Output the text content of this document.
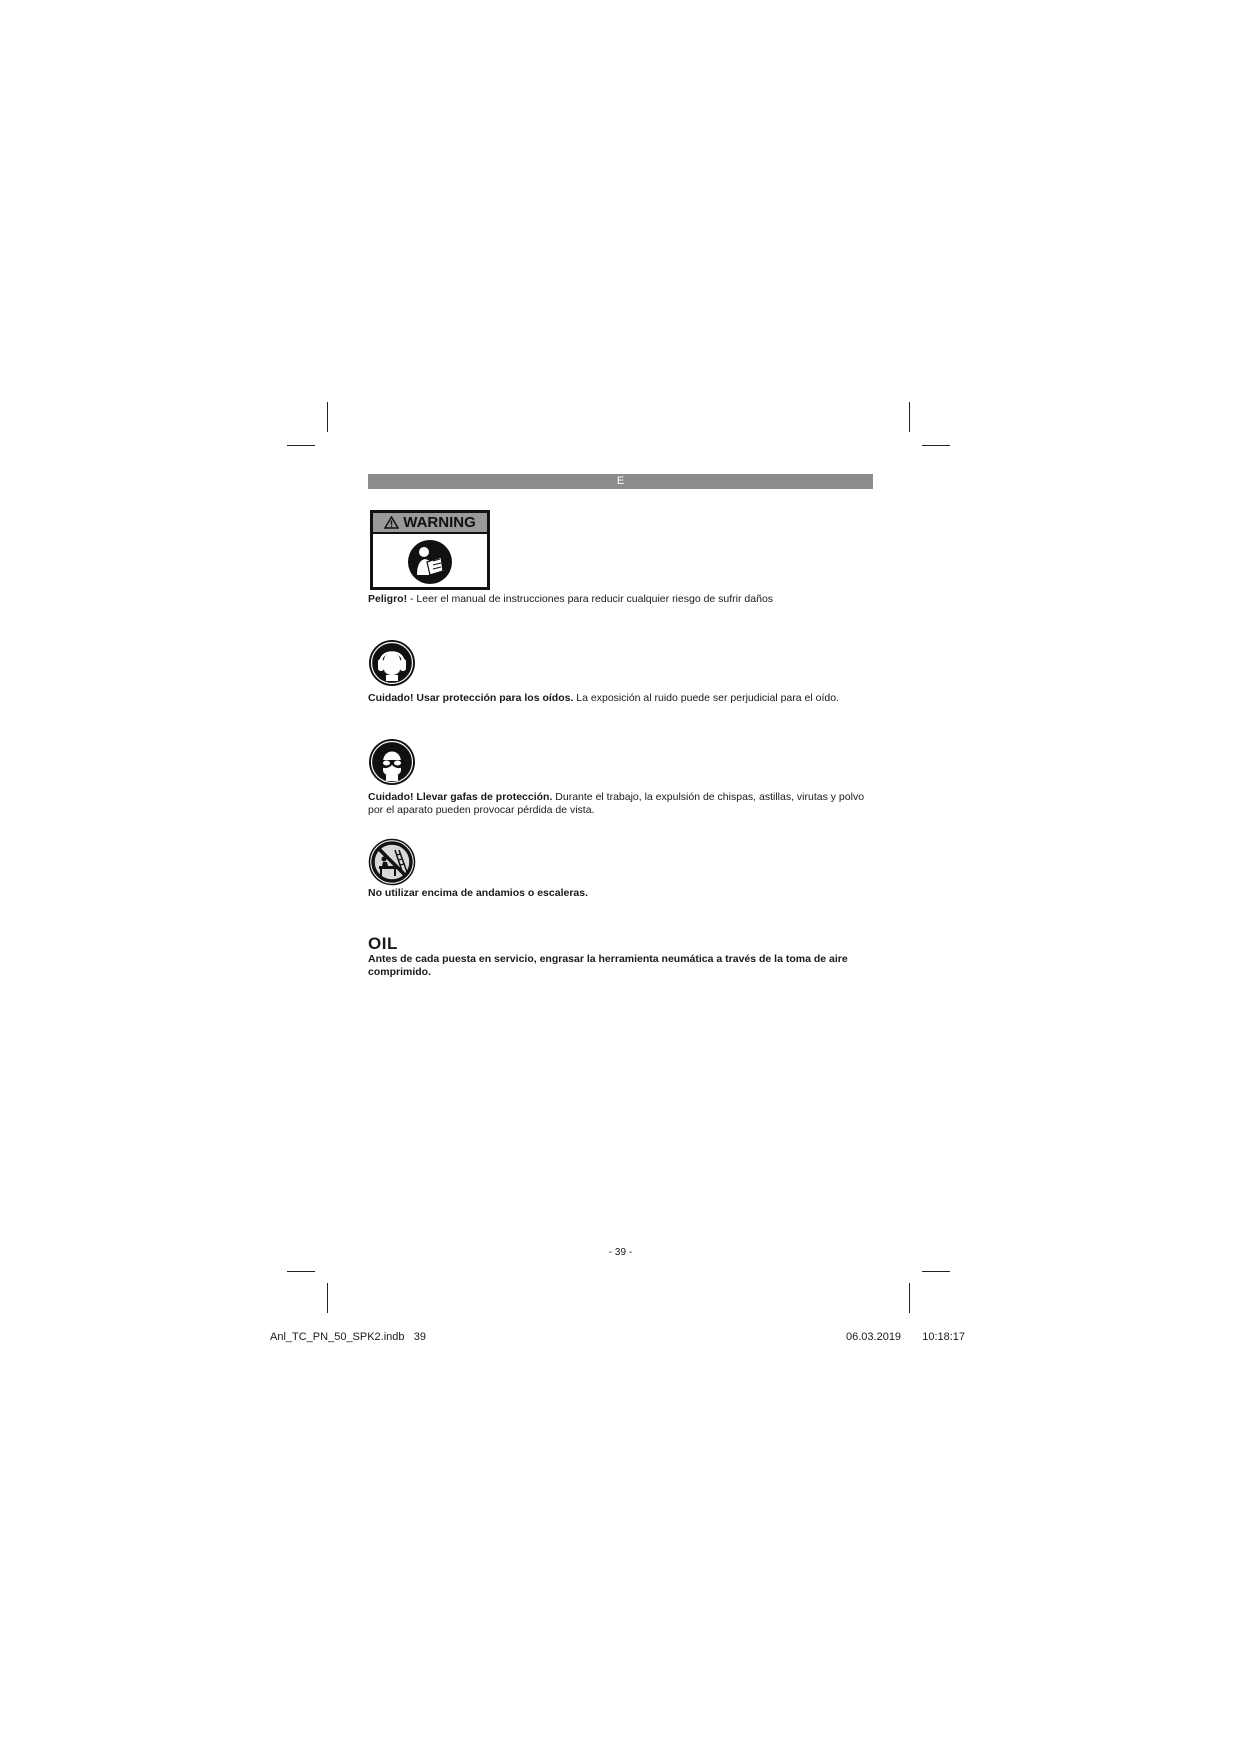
E
WARNING
Peligro! - Leer el manual de instrucciones para reducir cualquier riesgo de sufrir daños
Cuidado! Usar protección para los oídos. La exposición al ruido puede ser perjudicial para el oído.
Cuidado! Llevar gafas de protección. Durante el trabajo, la expulsión de chispas, astillas, virutas y polvo por el aparato pueden provocar pérdida de vista.
No utilizar encima de andamios o escaleras.
OIL
Antes de cada puesta en servicio, engrasar la herramienta neumática a través de la toma de aire comprimido.
- 39 -
Anl_TC_PN_50_SPK2.indb   39	06.03.2019   10:18:17
